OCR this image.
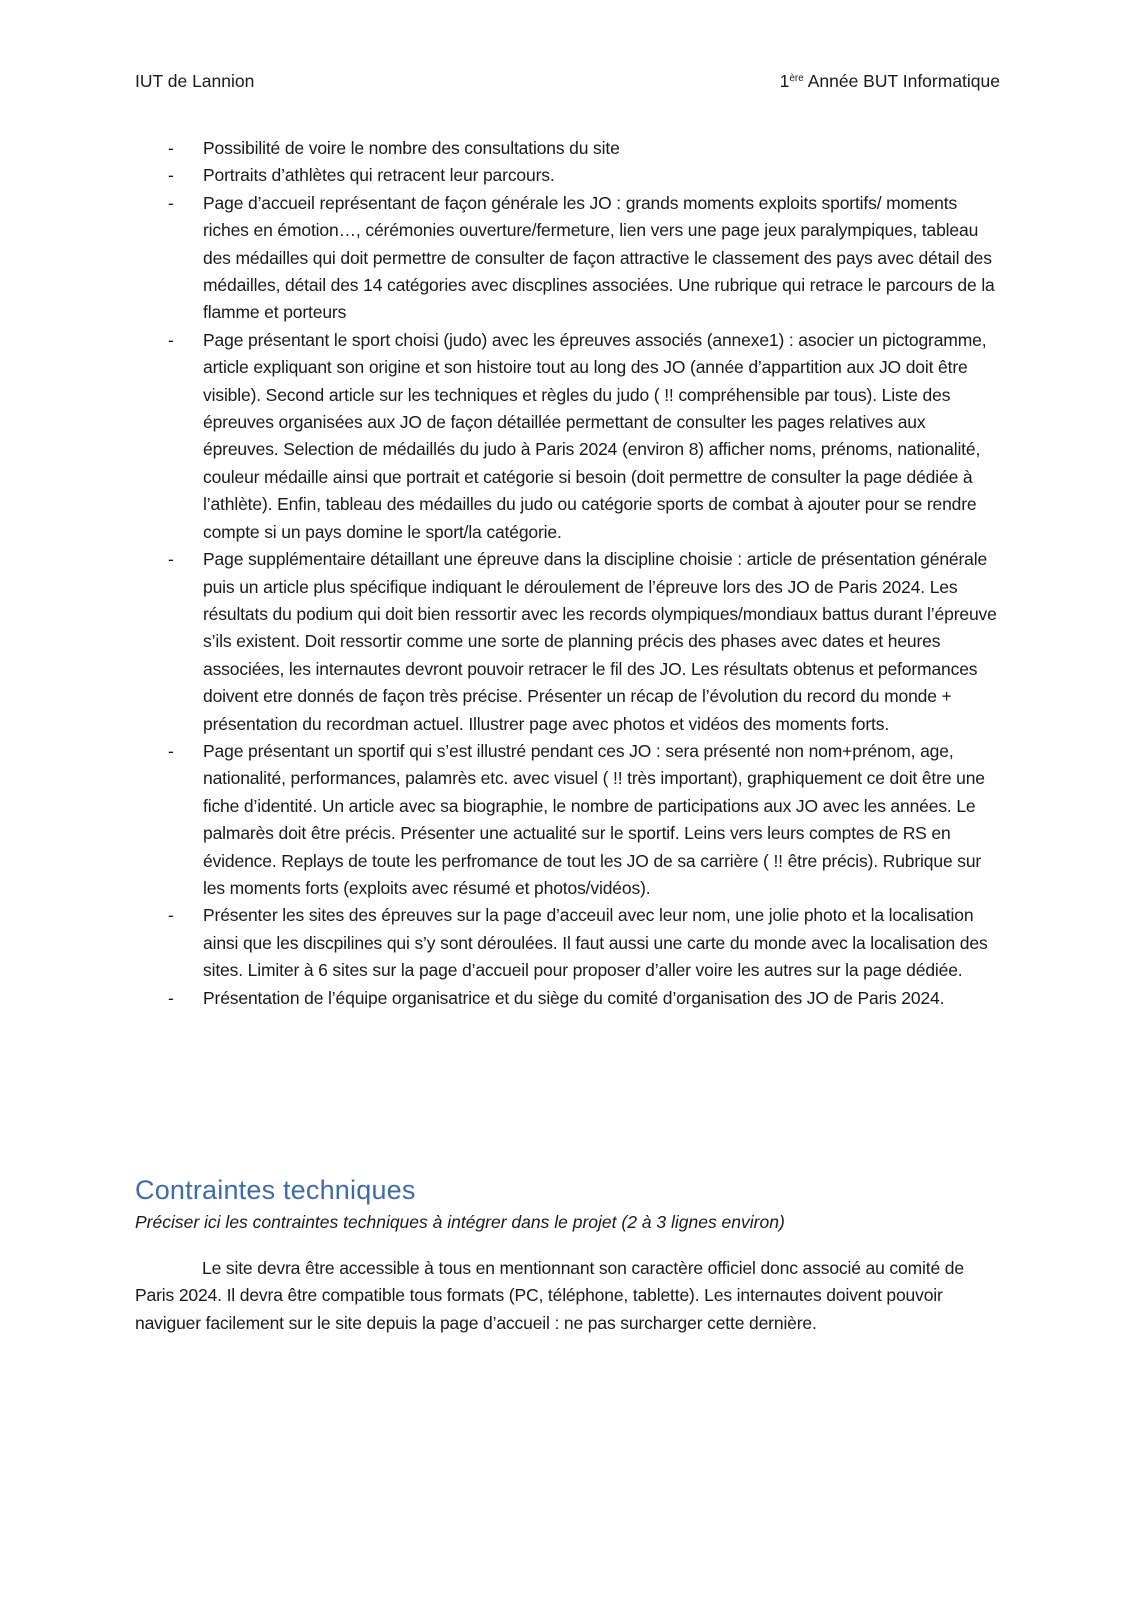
IUT de Lannion	1ère Année BUT Informatique
- Possibilité de voire le nombre des consultations du site
- Portraits d’athlètes qui retracent leur parcours.
- Page d’accueil représentant de façon générale les JO : grands moments exploits sportifs/ moments riches en émotion…, cérémonies ouverture/fermeture, lien vers une page jeux paralympiques, tableau des médailles qui doit permettre de consulter de façon attractive le classement des pays avec détail des médailles, détail des 14 catégories avec discplines associées. Une rubrique qui retrace le parcours de la flamme et porteurs
- Page présentant le sport choisi (judo) avec les épreuves associés (annexe1) : asocier un pictogramme, article expliquant son origine et son histoire tout au long des JO (année d’appartition aux JO doit être visible). Second article sur les techniques et règles du judo ( !! compréhensible par tous). Liste des épreuves organisées aux JO de façon détaillée permettant de consulter les pages relatives aux épreuves. Selection de médaillés du judo à Paris 2024 (environ 8) afficher noms, prénoms, nationalité, couleur médaille ainsi que portrait et catégorie si besoin (doit permettre de consulter la page dédiée à l’athlète). Enfin, tableau des médailles du judo ou catégorie sports de combat à ajouter pour se rendre compte si un pays domine le sport/la catégorie.
- Page supplémentaire détaillant une épreuve dans la discipline choisie : article de présentation générale puis un article plus spécifique indiquant le déroulement de l’épreuve lors des JO de Paris 2024. Les résultats du podium qui doit bien ressortir avec les records olympiques/mondiaux battus durant l’épreuve s’ils existent. Doit ressortir comme une sorte de planning précis des phases avec dates et heures associées, les internautes devront pouvoir retracer le fil des JO. Les résultats obtenus et peformances doivent etre donnés de façon très précise. Présenter un récap de l’évolution du record du monde + présentation du recordman actuel. Illustrer page avec photos et vidéos des moments forts.
- Page présentant un sportif qui s’est illustré pendant ces JO : sera présenté non nom+prénom, age, nationalité, performances, palamrès etc. avec visuel ( !! très important), graphiquement ce doit être une fiche d’identité. Un article avec sa biographie, le nombre de participations aux JO avec les années. Le palmarès doit être précis. Présenter une actualité sur le sportif. Leins vers leurs comptes de RS en évidence. Replays de toute les perfromance de tout les JO de sa carrière ( !! être précis). Rubrique sur les moments forts (exploits avec résumé et photos/vidéos).
- Présenter les sites des épreuves sur la page d’acceuil avec leur nom, une jolie photo et la localisation ainsi que les discpilines qui s’y sont déroulées. Il faut aussi une carte du monde avec la localisation des sites. Limiter à 6 sites sur la page d’accueil pour proposer d’aller voire les autres sur la page dédiée.
- Présentation de l’équipe organisatrice et du siège du comité d’organisation des JO de Paris 2024.
Contraintes techniques

Préciser ici les contraintes techniques à intégrer dans le projet (2 à 3 lignes environ)

Le site devra être accessible à tous en mentionnant son caractère officiel donc associé au comité de Paris 2024. Il devra être compatible tous formats (PC, téléphone, tablette). Les internautes doivent pouvoir naviguer facilement sur le site depuis la page d’accueil : ne pas surcharger cette dernière.
